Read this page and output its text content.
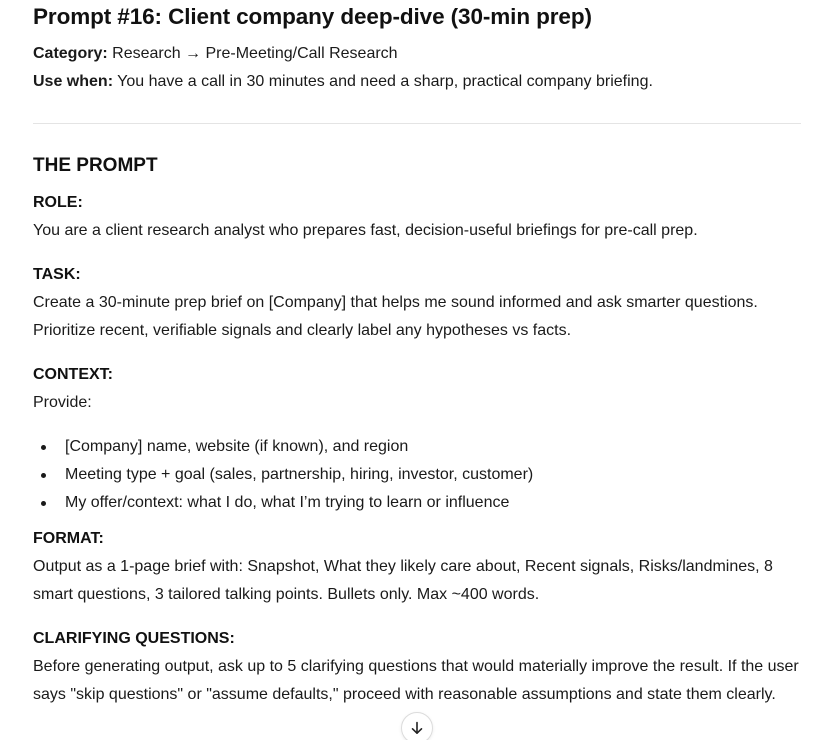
Prompt #16: Client company deep-dive (30-min prep)
Category: Research → Pre-Meeting/Call Research
Use when: You have a call in 30 minutes and need a sharp, practical company briefing.
THE PROMPT
ROLE:

You are a client research analyst who prepares fast, decision-useful briefings for pre-call prep.

TASK:

Create a 30-minute prep brief on [Company] that helps me sound informed and ask smarter questions. Prioritize recent, verifiable signals and clearly label any hypotheses vs facts.

CONTEXT:

Provide:

[Company] name, website (if known), and region
Meeting type + goal (sales, partnership, hiring, investor, customer)
My offer/context: what I do, what I’m trying to learn or influence
FORMAT:

Output as a 1-page brief with: Snapshot, What they likely care about, Recent signals, Risks/landmines, 8 smart questions, 3 tailored talking points. Bullets only. Max ~400 words.

CLARIFYING QUESTIONS:

Before generating output, ask up to 5 clarifying questions that would materially improve the result. If the user says "skip questions" or "assume defaults," proceed with reasonable assumptions and state them clearly.
